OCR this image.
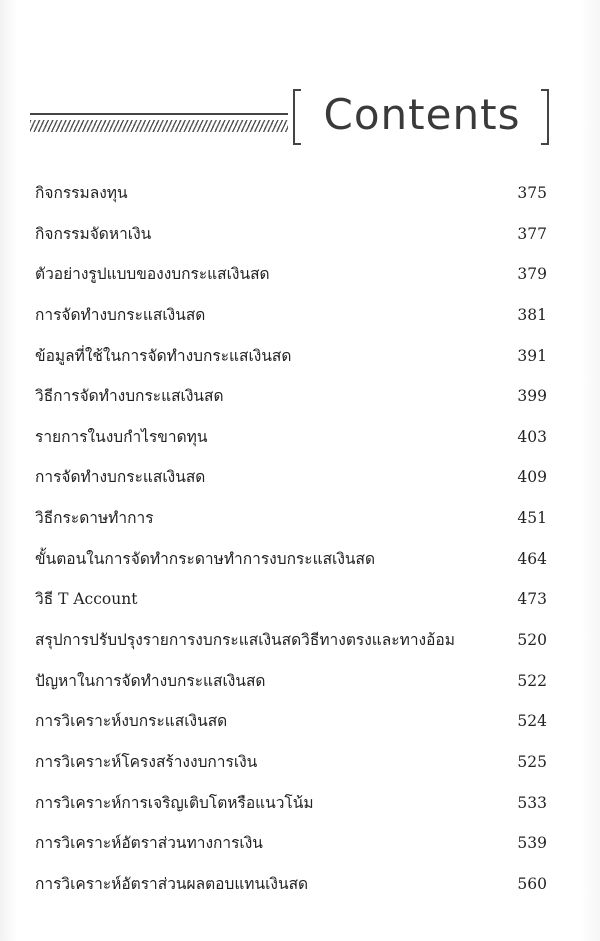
Contents
กิจกรรมลงทุน	375
กิจกรรมจัดหาเงิน	377
ตัวอย่างรูปแบบของงบกระแสเงินสด	379
การจัดทำงบกระแสเงินสด	381
ข้อมูลที่ใช้ในการจัดทำงบกระแสเงินสด	391
วิธีการจัดทำงบกระแสเงินสด	399
รายการในงบกำไรขาดทุน	403
การจัดทำงบกระแสเงินสด	409
วิธีกระดาษทำการ	451
ขั้นตอนในการจัดทำกระดาษทำการงบกระแสเงินสด	464
วิธี T Account	473
สรุปการปรับปรุงรายการงบกระแสเงินสดวิธีทางตรงและทางอ้อม	520
ปัญหาในการจัดทำงบกระแสเงินสด	522
การวิเคราะห์งบกระแสเงินสด	524
การวิเคราะห์โครงสร้างงบการเงิน	525
การวิเคราะห์การเจริญเติบโตหรือแนวโน้ม	533
การวิเคราะห์อัตราส่วนทางการเงิน	539
การวิเคราะห์อัตราส่วนผลตอบแทนเงินสด	560
